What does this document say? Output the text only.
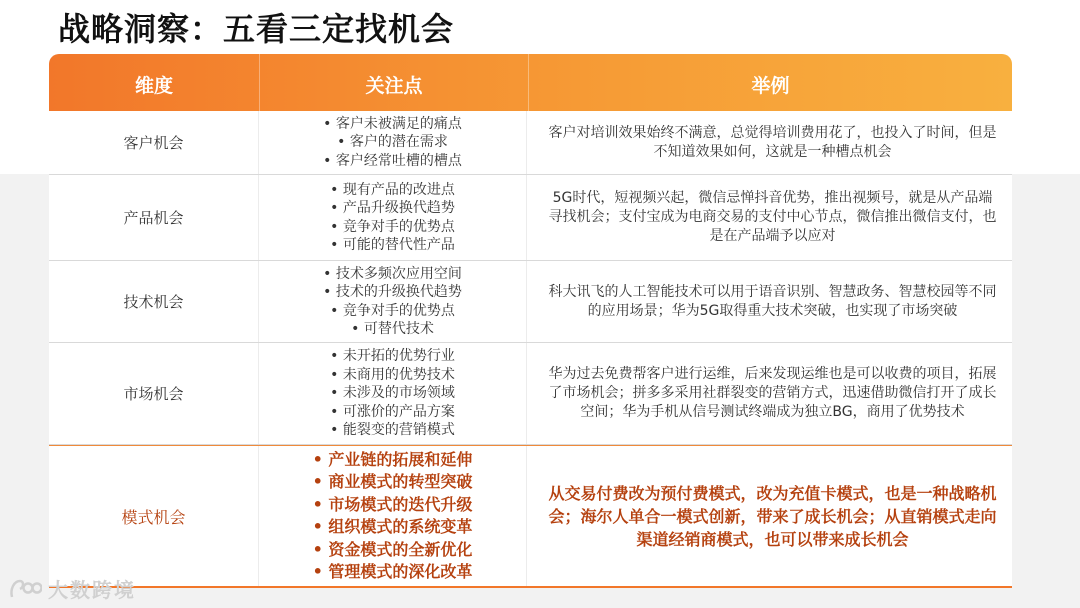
战略洞察：五看三定找机会
维度	关注点	举例
客户机会
• 客户未被满足的痛点
• 客户的潜在需求
• 客户经常吐槽的槽点

客户对培训效果始终不满意，总觉得培训费用花了，也投入了时间，但是不知道效果如何，这就是一种槽点机会

产品机会
• 现有产品的改进点
• 产品升级换代趋势
• 竞争对手的优势点
• 可能的替代性产品

5G时代，短视频兴起，微信忌惮抖音优势，推出视频号，就是从产品端寻找机会；支付宝成为电商交易的支付中心节点，微信推出微信支付，也是在产品端予以应对

技术机会
• 技术多频次应用空间
• 技术的升级换代趋势
• 竞争对手的优势点
• 可替代技术

科大讯飞的人工智能技术可以用于语音识别、智慧政务、智慧校园等不同的应用场景；华为5G取得重大技术突破，也实现了市场突破

市场机会
• 未开拓的优势行业
• 未商用的优势技术
• 未涉及的市场领域
• 可涨价的产品方案
• 能裂变的营销模式

华为过去免费帮客户进行运维，后来发现运维也是可以收费的项目，拓展了市场机会；拼多多采用社群裂变的营销方式，迅速借助微信打开了成长空间；华为手机从信号测试终端成为独立BG，商用了优势技术

模式机会
• 产业链的拓展和延伸
• 商业模式的转型突破
• 市场模式的迭代升级
• 组织模式的系统变革
• 资金模式的全新优化
• 管理模式的深化改革

从交易付费改为预付费模式，改为充值卡模式，也是一种战略机会；海尔人单合一模式创新，带来了成长机会；从直销模式走向渠道经销商模式，也可以带来成长机会

大数跨境
